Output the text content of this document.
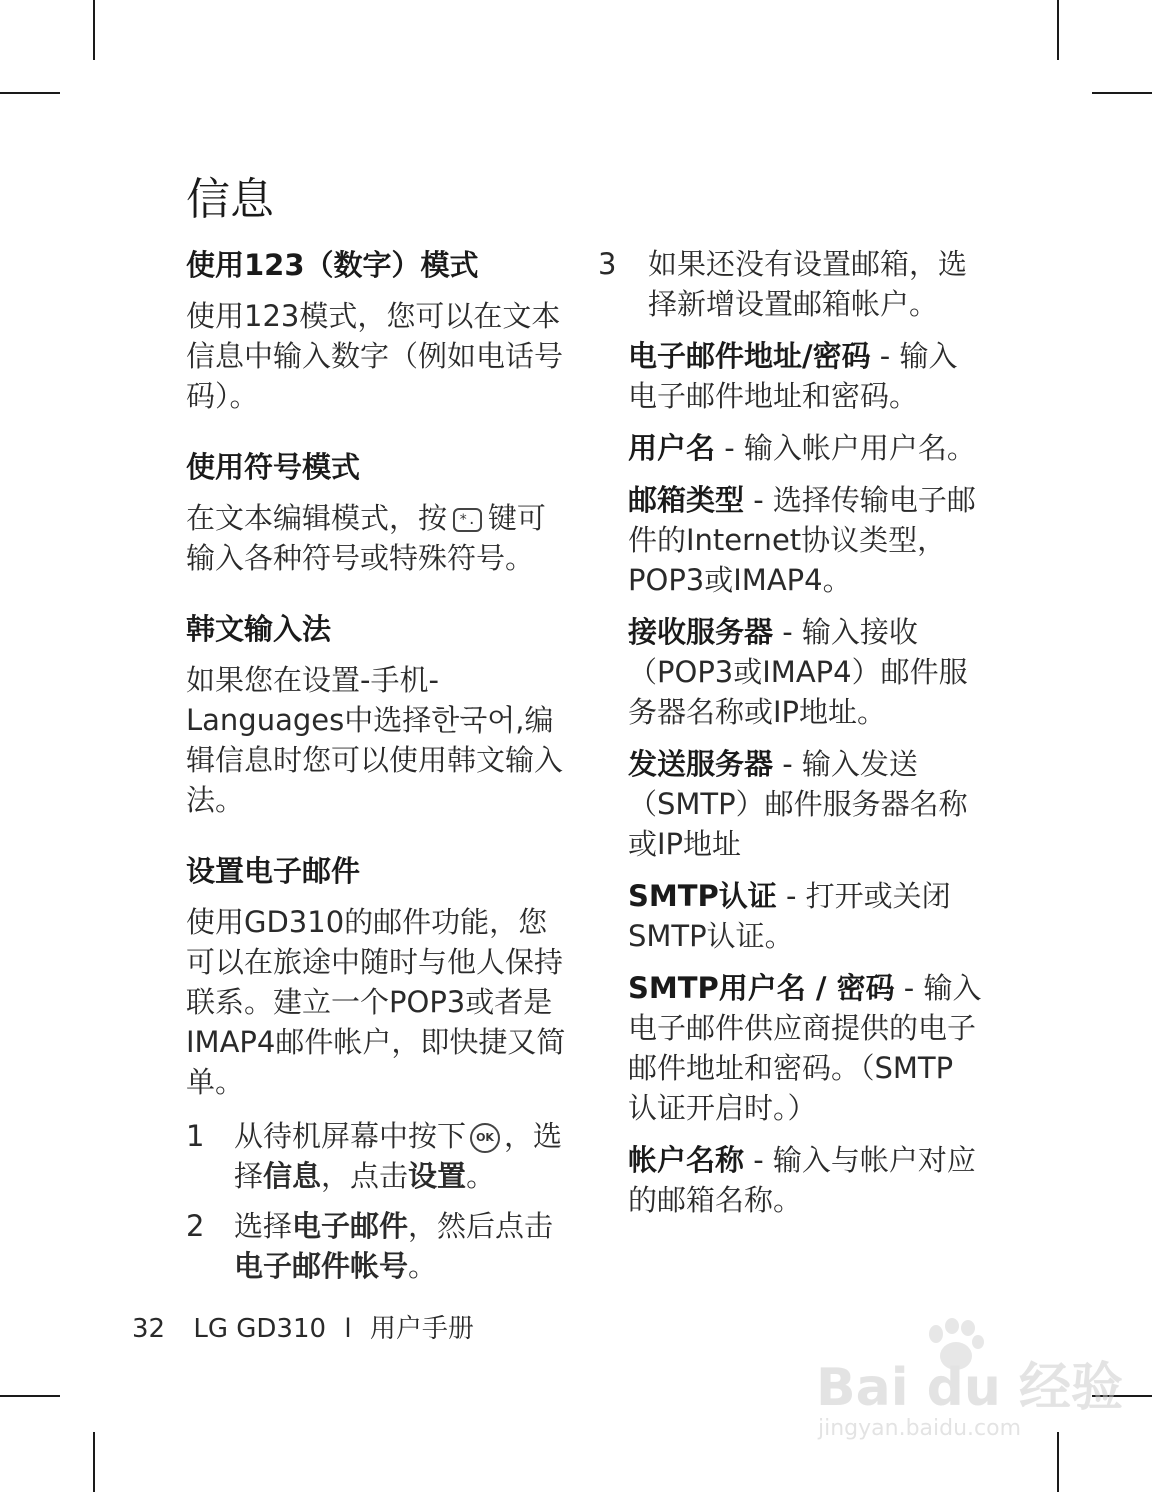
信息
使用123（数字）模式

使用123模式，您可以在文本信息中输入数字（例如电话号码）。

使用符号模式

在文本编辑模式，按 *. 键可输入各种符号或特殊符号。

韩文输入法

如果您在设置-手机-Languages中选择한국어,编辑信息时您可以使用韩文输入法。

设置电子邮件

使用GD310的邮件功能，您可以在旅途中随时与他人保持联系。建立一个POP3或者是IMAP4邮件帐户，即快捷又简单。

1 从待机屏幕中按下 OK ，选择信息，点击设置。
2 选择电子邮件，然后点击电子邮件帐号。
3 如果还没有设置邮箱，选择新增设置邮箱帐户。

电子邮件地址/密码 - 输入电子邮件地址和密码。

用户名 - 输入帐户用户名。

邮箱类型 - 选择传输电子邮件的Internet协议类型，POP3或IMAP4。

接收服务器 - 输入接收（POP3或IMAP4）邮件服务器名称或IP地址。

发送服务器 - 输入发送（SMTP）邮件服务器名称或IP地址

SMTP认证 - 打开或关闭SMTP认证。

SMTP用户名 / 密码 - 输入电子邮件供应商提供的电子邮件地址和密码。（SMTP认证开启时。）

帐户名称 - 输入与帐户对应的邮箱名称。

32 LG GD310 l 用户手册
Bai du 经验
jingyan.baidu.com
